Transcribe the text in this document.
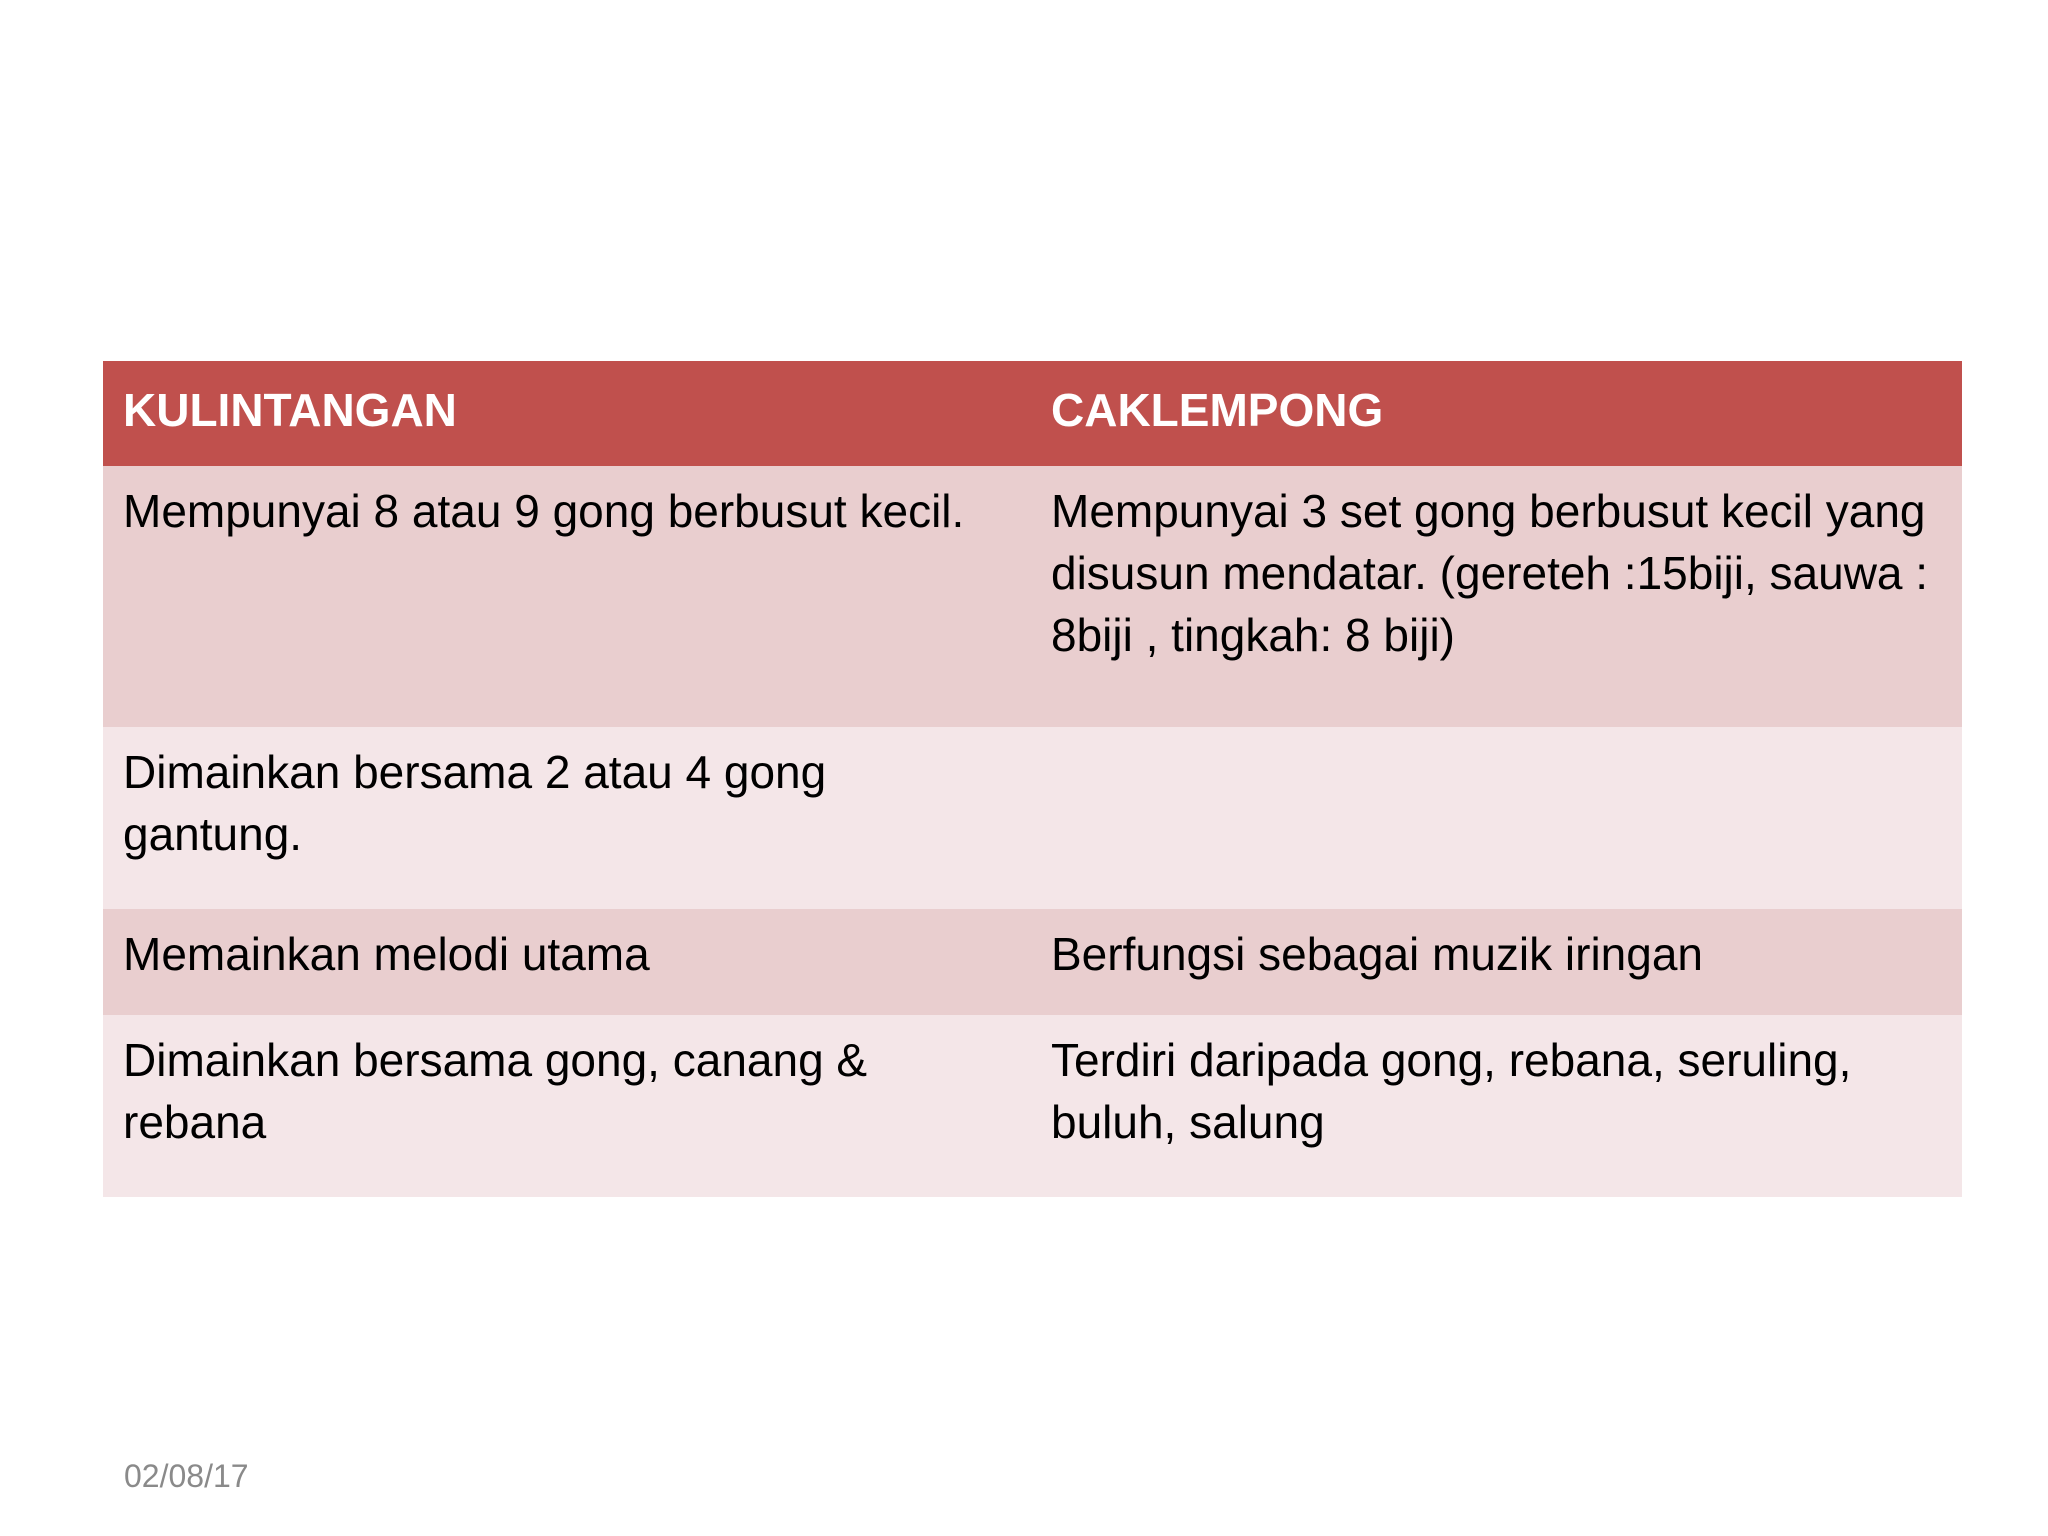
KULINTANGAN	CAKLEMPONG
Mempunyai 8 atau 9 gong berbusut kecil.	Mempunyai 3 set gong berbusut kecil yang disusun mendatar. (gereteh :15biji, sauwa : 8biji , tingkah: 8 biji)
Dimainkan bersama 2 atau 4 gong gantung.	
Memainkan melodi utama	Berfungsi sebagai muzik iringan
Dimainkan bersama gong, canang & rebana	Terdiri daripada gong, rebana, seruling, buluh, salung
02/08/17
